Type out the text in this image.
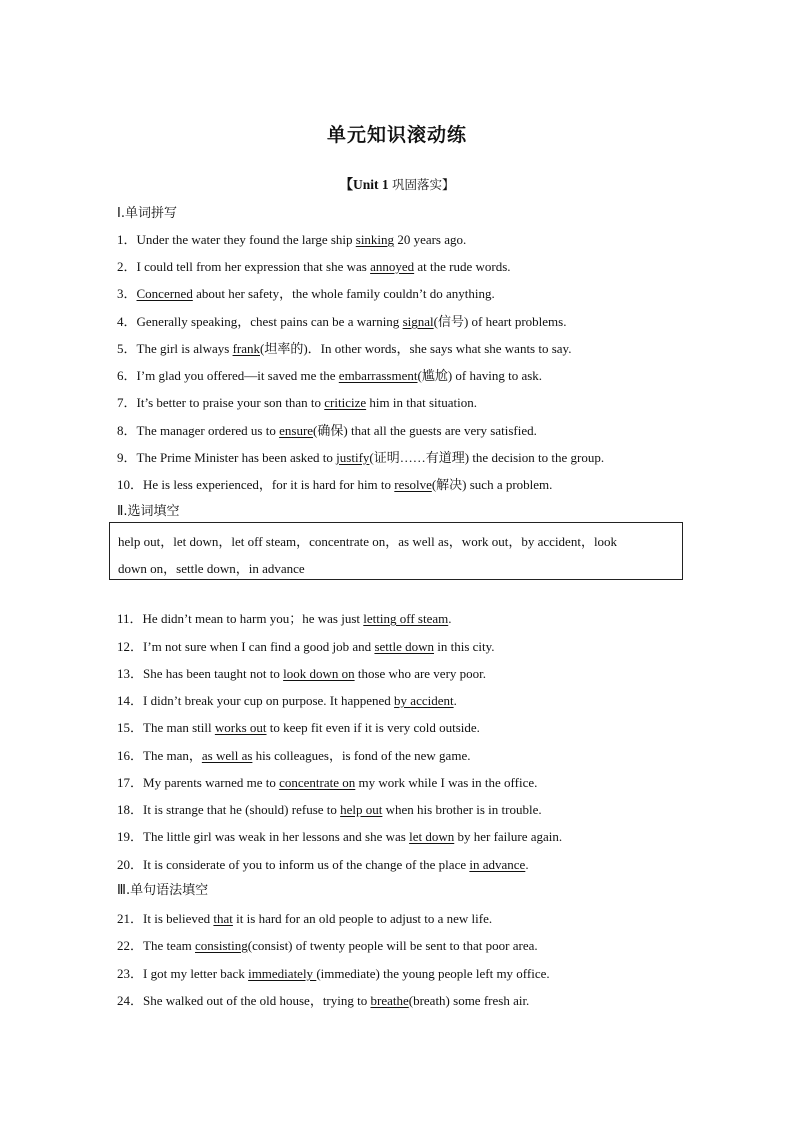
单元知识滚动练
【Unit 1 巩固落实】
Ⅰ.单词拼写
Ⅱ.选词填空
help out，let down，let off steam，concentrate on，as well as，work out，by accident，look
down on，settle down，in advance
Ⅲ.单句语法填空
1．Under the water they found the large ship sinking 20 years ago.
2．I could tell from her expression that she was annoyed at the rude words.
3．Concerned about her safety，the whole family couldn’t do anything.
4．Generally speaking，chest pains can be a warning signal(信号) of heart problems.
5．The girl is always frank(坦率的)．In other words，she says what she wants to say.
6．I’m glad you offered—it saved me the embarrassment(尴尬) of having to ask.
7．It’s better to praise your son than to criticize him in that situation.
8．The manager ordered us to ensure(确保) that all the guests are very satisfied.
9．The Prime Minister has been asked to justify(证明……有道理) the decision to the group.
10．He is less experienced，for it is hard for him to resolve(解决) such a problem.
11．He didn’t mean to harm you；he was just letting off steam.
12．I’m not sure when I can find a good job and settle down in this city.
13．She has been taught not to look down on those who are very poor.
14．I didn’t break your cup on purpose. It happened by accident.
15．The man still works out to keep fit even if it is very cold outside.
16．The man，as well as his colleagues，is fond of the new game.
17．My parents warned me to concentrate on my work while I was in the office.
18．It is strange that he (should) refuse to help out when his brother is in trouble.
19．The little girl was weak in her lessons and she was let down by her failure again.
20．It is considerate of you to inform us of the change of the place in advance.
21．It is believed that it is hard for an old people to adjust to a new life.
22．The team consisting(consist) of twenty people will be sent to that poor area.
23．I got my letter back immediately (immediate) the young people left my office.
24．She walked out of the old house，trying to breathe(breath) some fresh air.
